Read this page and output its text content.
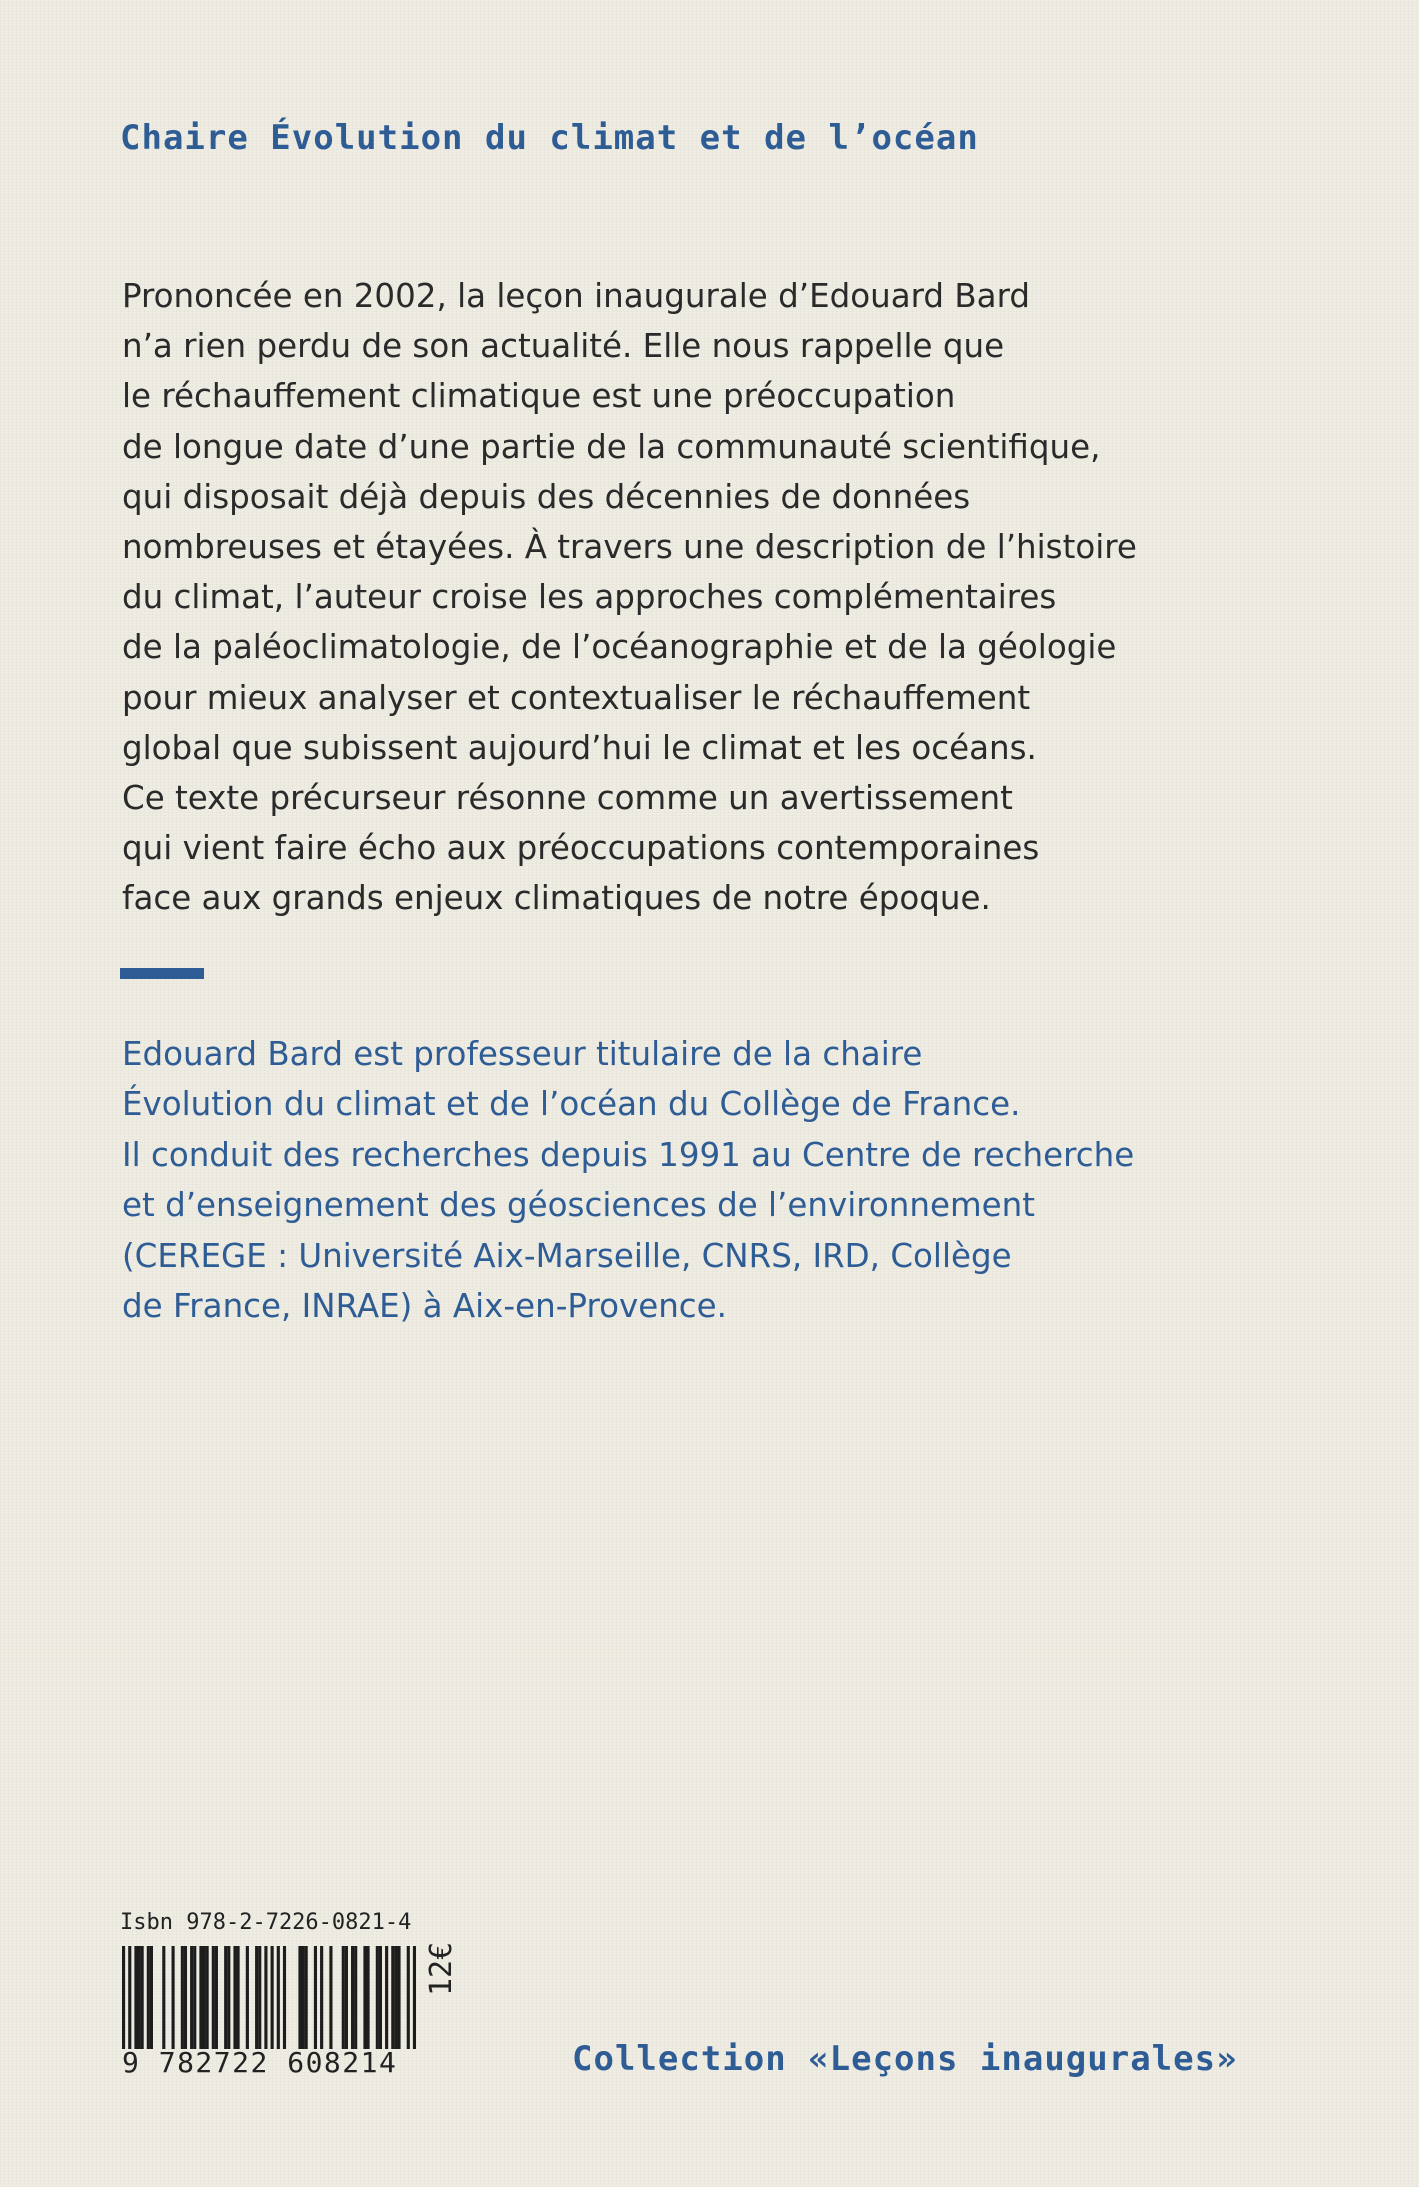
Chaire Évolution du climat et de l’océan
Prononcée en 2002, la leçon inaugurale d’Edouard Bard
n’a rien perdu de son actualité. Elle nous rappelle que
le réchauffement climatique est une préoccupation
de longue date d’une partie de la communauté scientifique,
qui disposait déjà depuis des décennies de données
nombreuses et étayées. À travers une description de l’histoire
du climat, l’auteur croise les approches complémentaires
de la paléoclimatologie, de l’océanographie et de la géologie
pour mieux analyser et contextualiser le réchauffement
global que subissent aujourd’hui le climat et les océans.
Ce texte précurseur résonne comme un avertissement
qui vient faire écho aux préoccupations contemporaines
face aux grands enjeux climatiques de notre époque.
Edouard Bard est professeur titulaire de la chaire
Évolution du climat et de l’océan du Collège de France.
Il conduit des recherches depuis 1991 au Centre de recherche
et d’enseignement des géosciences de l’environnement
(CEREGE : Université Aix-Marseille, CNRS, IRD, Collège
de France, INRAE) à Aix-en-Provence.
Isbn 978-2-7226-0821-4
9 782722 608214
12€
Collection «Leçons inaugurales»
